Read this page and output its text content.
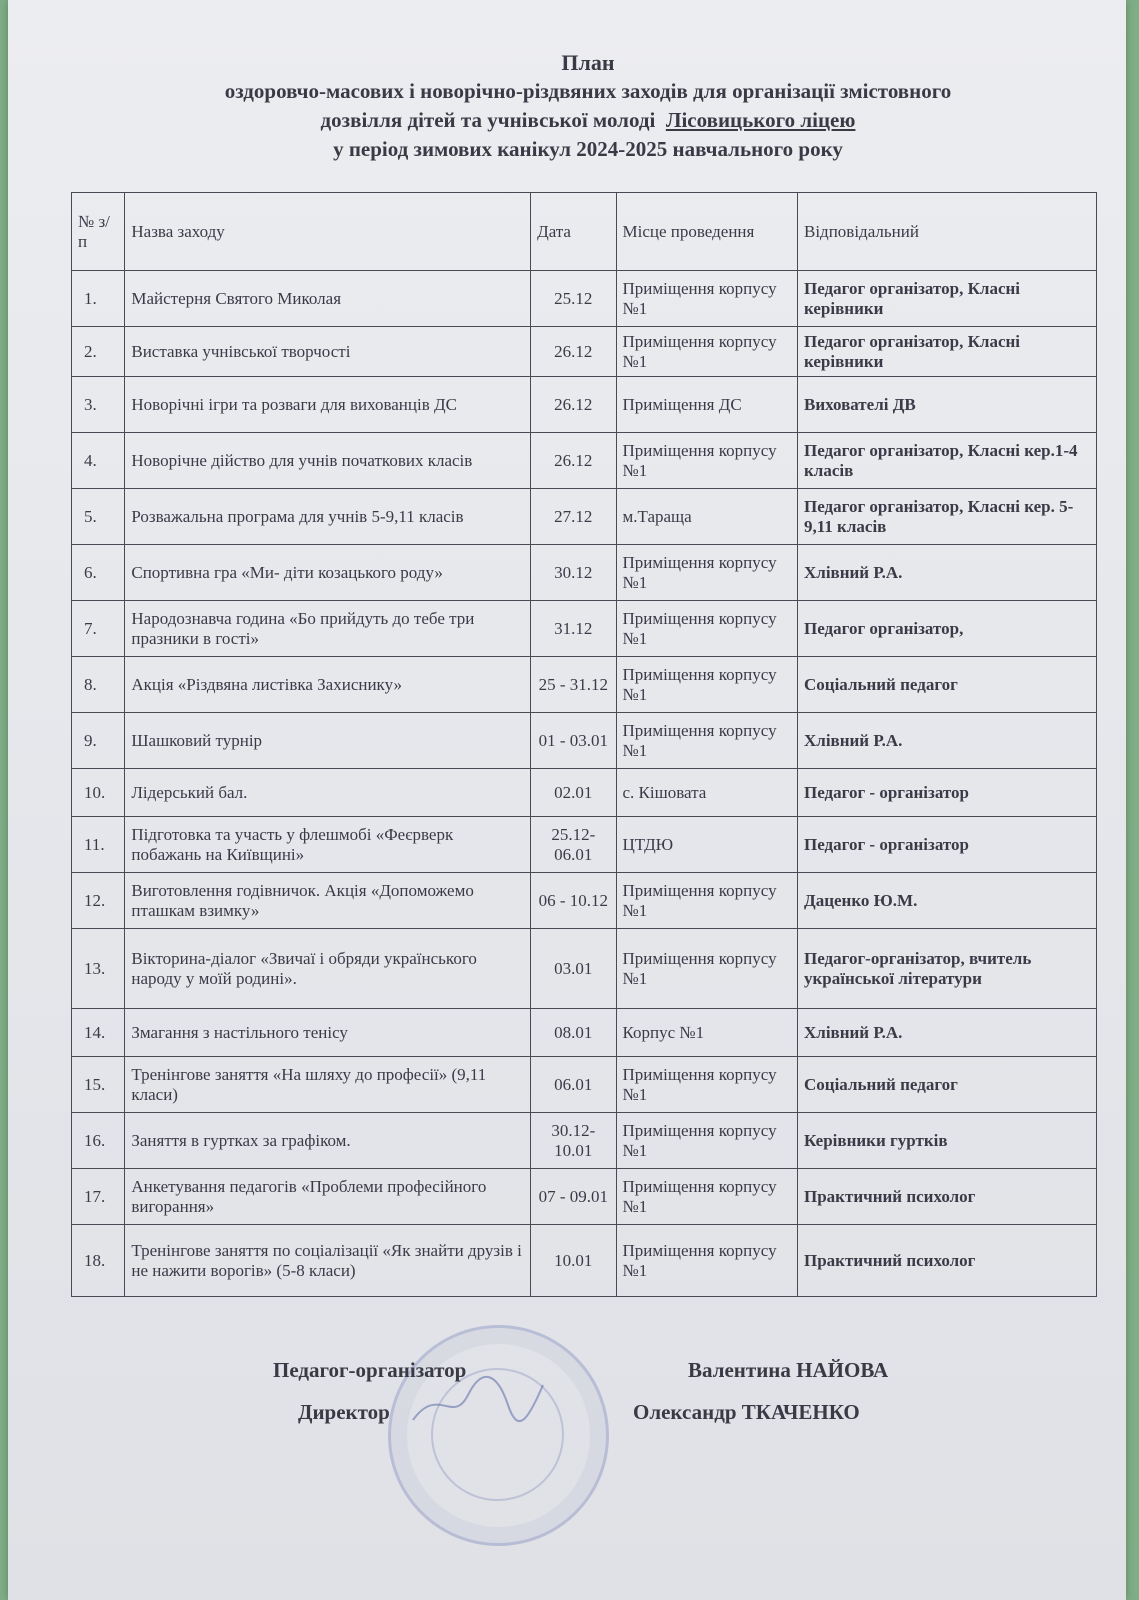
План
оздоровчо-масових і новорічно-різдвяних заходів для організації змістовного
дозвілля дітей та учнівської молоді Лісовицького ліцею
у період зимових канікул 2024-2025 навчального року
№ з/п	Назва заходу	Дата	Місце проведення	Відповідальний
1.	Майстерня Святого Миколая	25.12	Приміщення корпусу №1	Педагог організатор, Класні керівники
2.	Виставка учнівської творчості	26.12	Приміщення корпусу №1	Педагог організатор, Класні керівники
3.	Новорічні ігри та розваги для вихованців ДС	26.12	Приміщення ДС	Вихователі ДВ
4.	Новорічне дійство для учнів початкових класів	26.12	Приміщення корпусу №1	Педагог організатор, Класні кер.1-4 класів
5.	Розважальна програма для учнів 5-9,11 класів	27.12	м.Тараща	Педагог організатор, Класні кер. 5-9,11 класів
6.	Спортивна гра «Ми- діти козацького роду»	30.12	Приміщення корпусу №1	Хлівний Р.А.
7.	Народознавча година «Бо прийдуть до тебе три празники в гості»	31.12	Приміщення корпусу №1	Педагог організатор,
8.	Акція «Різдвяна листівка Захиснику»	25 - 31.12	Приміщення корпусу №1	Соціальний педагог
9.	Шашковий турнір	01 - 03.01	Приміщення корпусу №1	Хлівний Р.А.
10.	Лідерський бал.	02.01	с. Кішовата	Педагог - організатор
11.	Підготовка та участь у флешмобі «Феєрверк побажань на Київщині»	25.12-06.01	ЦТДЮ	Педагог - організатор
12.	Виготовлення годівничок. Акція «Допоможемо пташкам взимку»	06 - 10.12	Приміщення корпусу №1	Даценко Ю.М.
13.	Вікторина-діалог «Звичаї і обряди українського народу у моїй родині».	03.01	Приміщення корпусу №1	Педагог-організатор, вчитель української літератури
14.	Змагання з настільного тенісу	08.01	Корпус №1	Хлівний Р.А.
15.	Тренінгове заняття «На шляху до професії» (9,11 класи)	06.01	Приміщення корпусу №1	Соціальний педагог
16.	Заняття в гуртках за графіком.	30.12-10.01	Приміщення корпусу №1	Керівники гуртків
17.	Анкетування педагогів «Проблеми професійного вигорання»	07 - 09.01	Приміщення корпусу №1	Практичний психолог
18.	Тренінгове заняття по соціалізації «Як знайти друзів і не нажити ворогів» (5-8 класи)	10.01	Приміщення корпусу №1	Практичний психолог
Педагог-організатор	Валентина НАЙОВА
Директор	Олександр ТКАЧЕНКО
